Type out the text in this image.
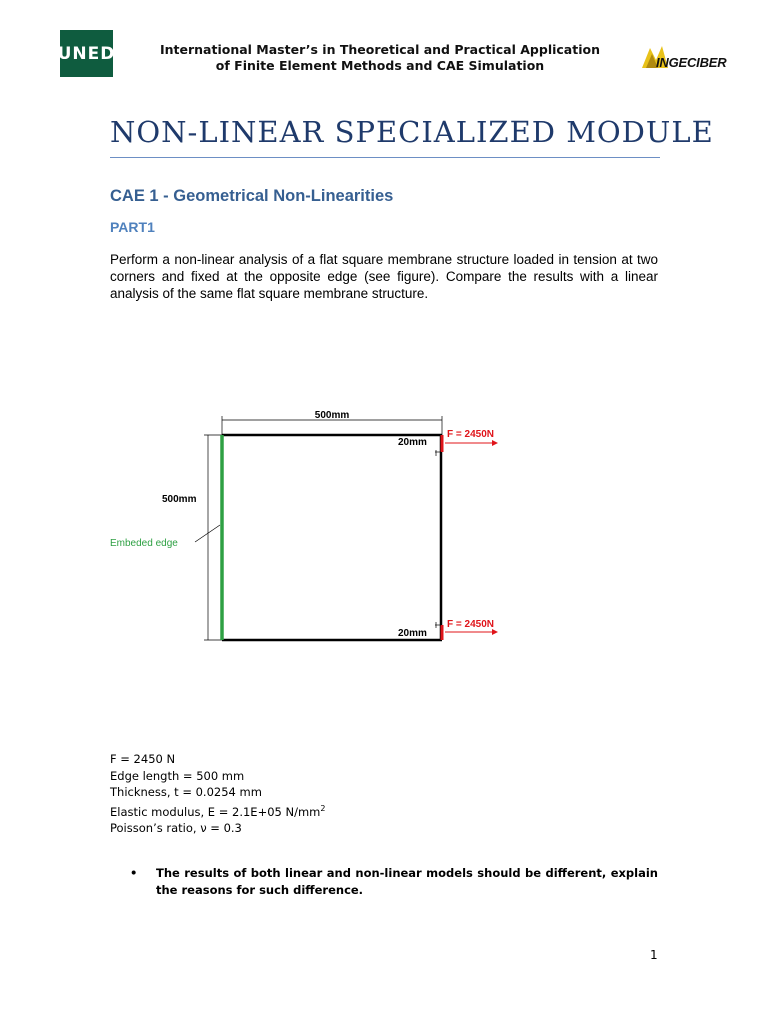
UNED	International Master’s in Theoretical and Practical Application
of Finite Element Methods and CAE Simulation	INGECIBER
NON-LINEAR SPECIALIZED MODULE
CAE 1 - Geometrical Non-Linearities
PART1
Perform a non-linear analysis of a flat square membrane structure loaded in tension at two corners and fixed at the opposite edge (see figure). Compare the results with a linear analysis of the same flat square membrane structure.
500mm
500mm
Embeded edge
20mm
F = 2450N
20mm
F = 2450N
F = 2450 N
Edge length = 500 mm
Thickness, t = 0.0254 mm
Elastic modulus, E = 2.1E+05 $N/mm^2$
Poisson’s ratio, ν = 0.3
• The results of both linear and non-linear models should be different, explain the reasons for such difference.
1
